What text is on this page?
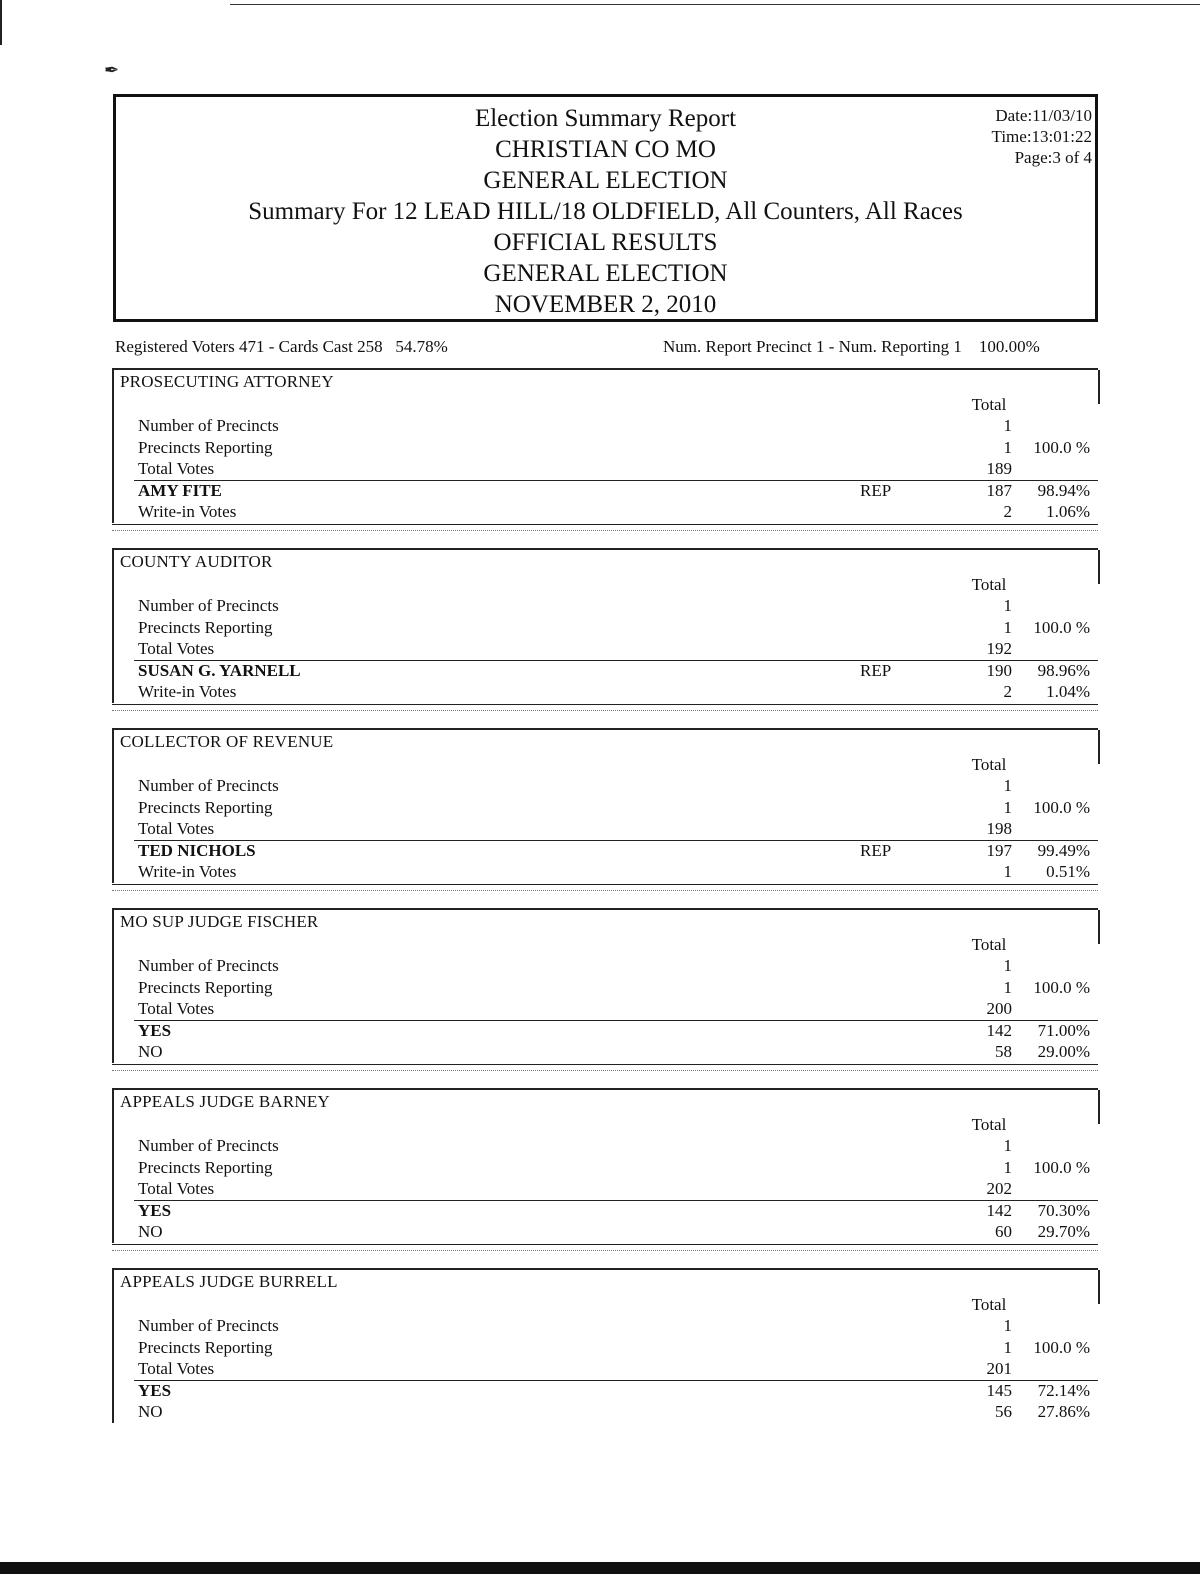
✒
Election Summary Report
CHRISTIAN CO MO
GENERAL ELECTION
Summary For 12 LEAD HILL/18 OLDFIELD, All Counters, All Races
OFFICIAL RESULTS
GENERAL ELECTION
NOVEMBER 2, 2010
Date:11/03/10
Time:13:01:22
Page:3 of 4
Registered Voters 471 - Cards Cast 258   54.78%	Num. Report Precinct 1 - Num. Reporting 1    100.00%
PROSECUTING ATTORNEY
Total
Number of Precincts	1
Precincts Reporting	1 100.0 %
Total Votes	189
AMY FITE	REP	187 98.94%
Write-in Votes	2 1.06%
COUNTY AUDITOR
Total
Number of Precincts	1
Precincts Reporting	1 100.0 %
Total Votes	192
SUSAN G. YARNELL	REP	190 98.96%
Write-in Votes	2 1.04%
COLLECTOR OF REVENUE
Total
Number of Precincts	1
Precincts Reporting	1 100.0 %
Total Votes	198
TED NICHOLS	REP	197 99.49%
Write-in Votes	1 0.51%
MO SUP JUDGE FISCHER
Total
Number of Precincts	1
Precincts Reporting	1 100.0 %
Total Votes	200
YES	142 71.00%
NO	58 29.00%
APPEALS JUDGE BARNEY
Total
Number of Precincts	1
Precincts Reporting	1 100.0 %
Total Votes	202
YES	142 70.30%
NO	60 29.70%
APPEALS JUDGE BURRELL
Total
Number of Precincts	1
Precincts Reporting	1 100.0 %
Total Votes	201
YES	145 72.14%
NO	56 27.86%
